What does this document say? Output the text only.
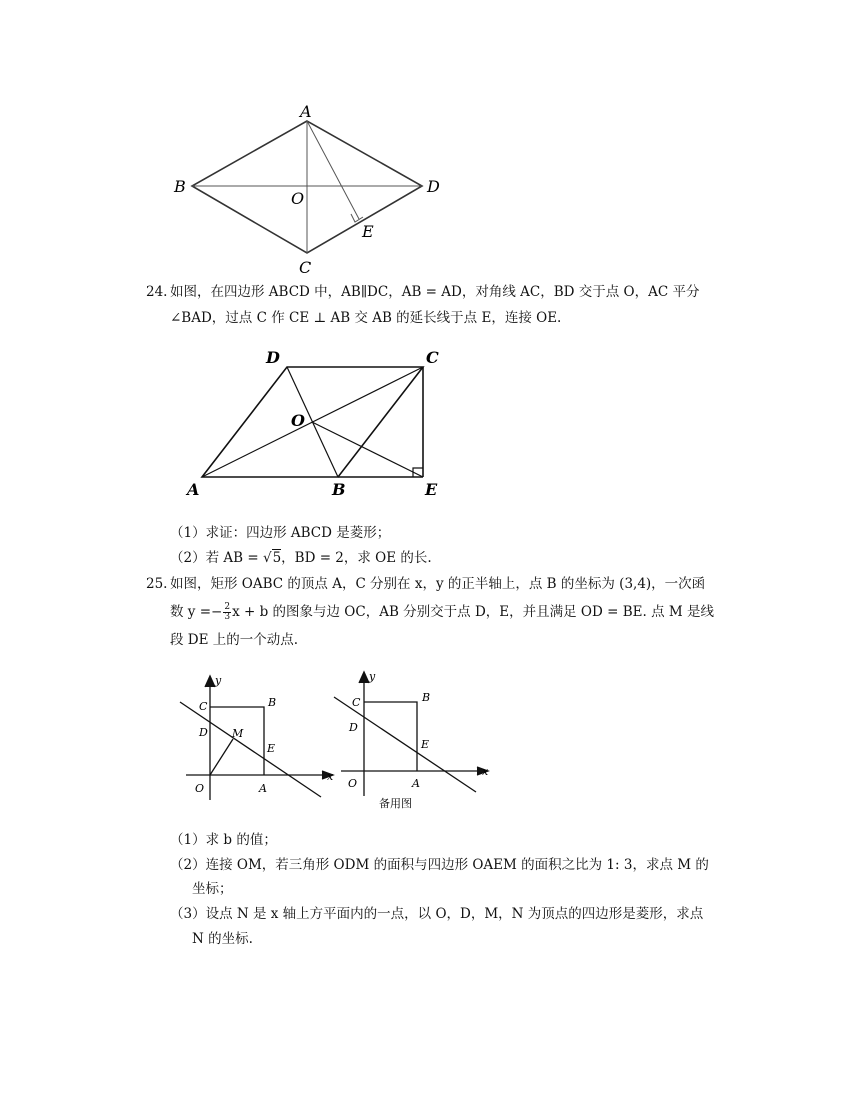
A
B
C
D
O
E
24. 如图，在四边形 ABCD 中，AB∥DC，AB = AD，对角线 AC，BD 交于点 O，AC 平分
∠BAD，过点 C 作 CE ⊥ AB 交 AB 的延长线于点 E，连接 OE.
D	C
O
A	B	E
（1）求证：四边形 ABCD 是菱形；
（2）若 AB = √5，BD = 2，求 OE 的长.
25. 如图，矩形 OABC 的顶点 A，C 分别在 x，y 的正半轴上，点 B 的坐标为 (3,4)，一次函
数 $y =- \frac{2}{3}$ x + b 的图象与边 OC，AB 分别交于点 D，E，并且满足 OD = BE. 点 M 是线
段 DE 上的一个动点.
y
x
O	A
B
C
D
E
M
y
x
O	A
B
C
D
E
备用图
（1）求 b 的值；
（2）连接 OM，若三角形 ODM 的面积与四边形 OAEM 的面积之比为 1: 3，求点 M 的
坐标；
（3）设点 N 是 x 轴上方平面内的一点，以 O，D，M，N 为顶点的四边形是菱形，求点
N 的坐标.
